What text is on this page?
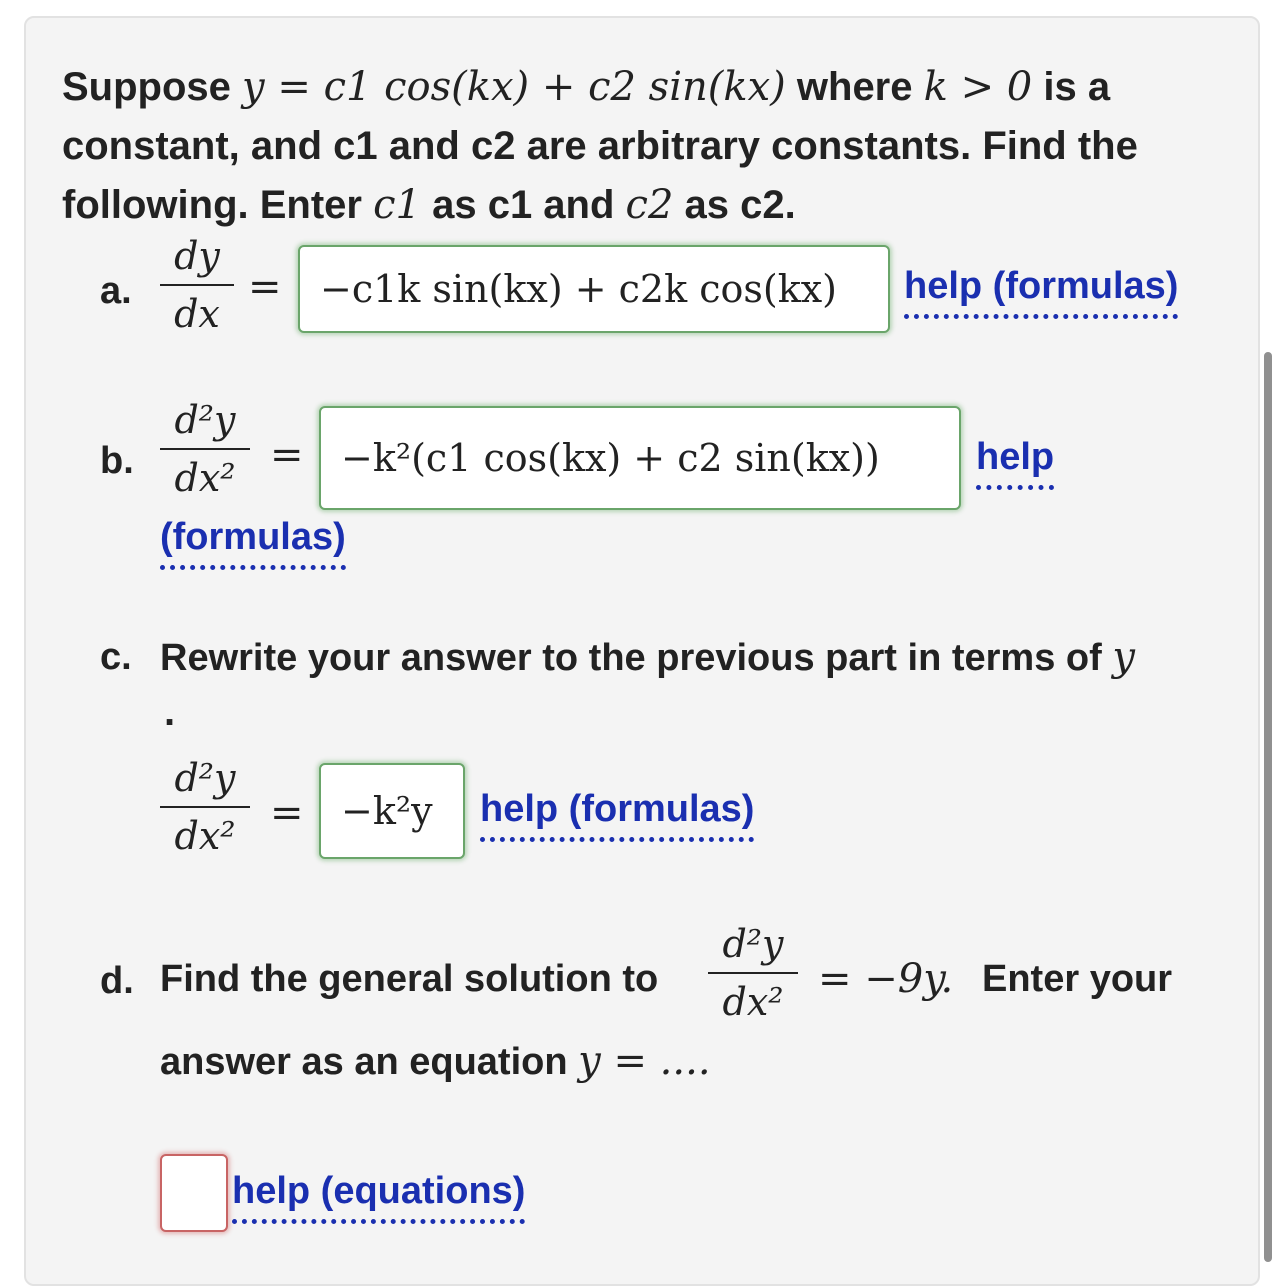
Suppose y = c1 cos(kx) + c2 sin(kx) where k > 0 is a
constant, and c1 and c2 are arbitrary constants. Find the
following. Enter c1 as c1 and c2 as c2.
a.
dy
dx
= −c1k sin(kx) + c2k cos(kx) help (formulas)
b.
d²y
dx² = −k²(c1 cos(kx) + c2 sin(kx))	help
(formulas)
c. Rewrite your answer to the previous part in terms of y
.
d²y
dx² = −k²y help (formulas)
d. Find the general solution to
d²y
dx² = −9y. Enter your
answer as an equation y = ....
help (equations)
